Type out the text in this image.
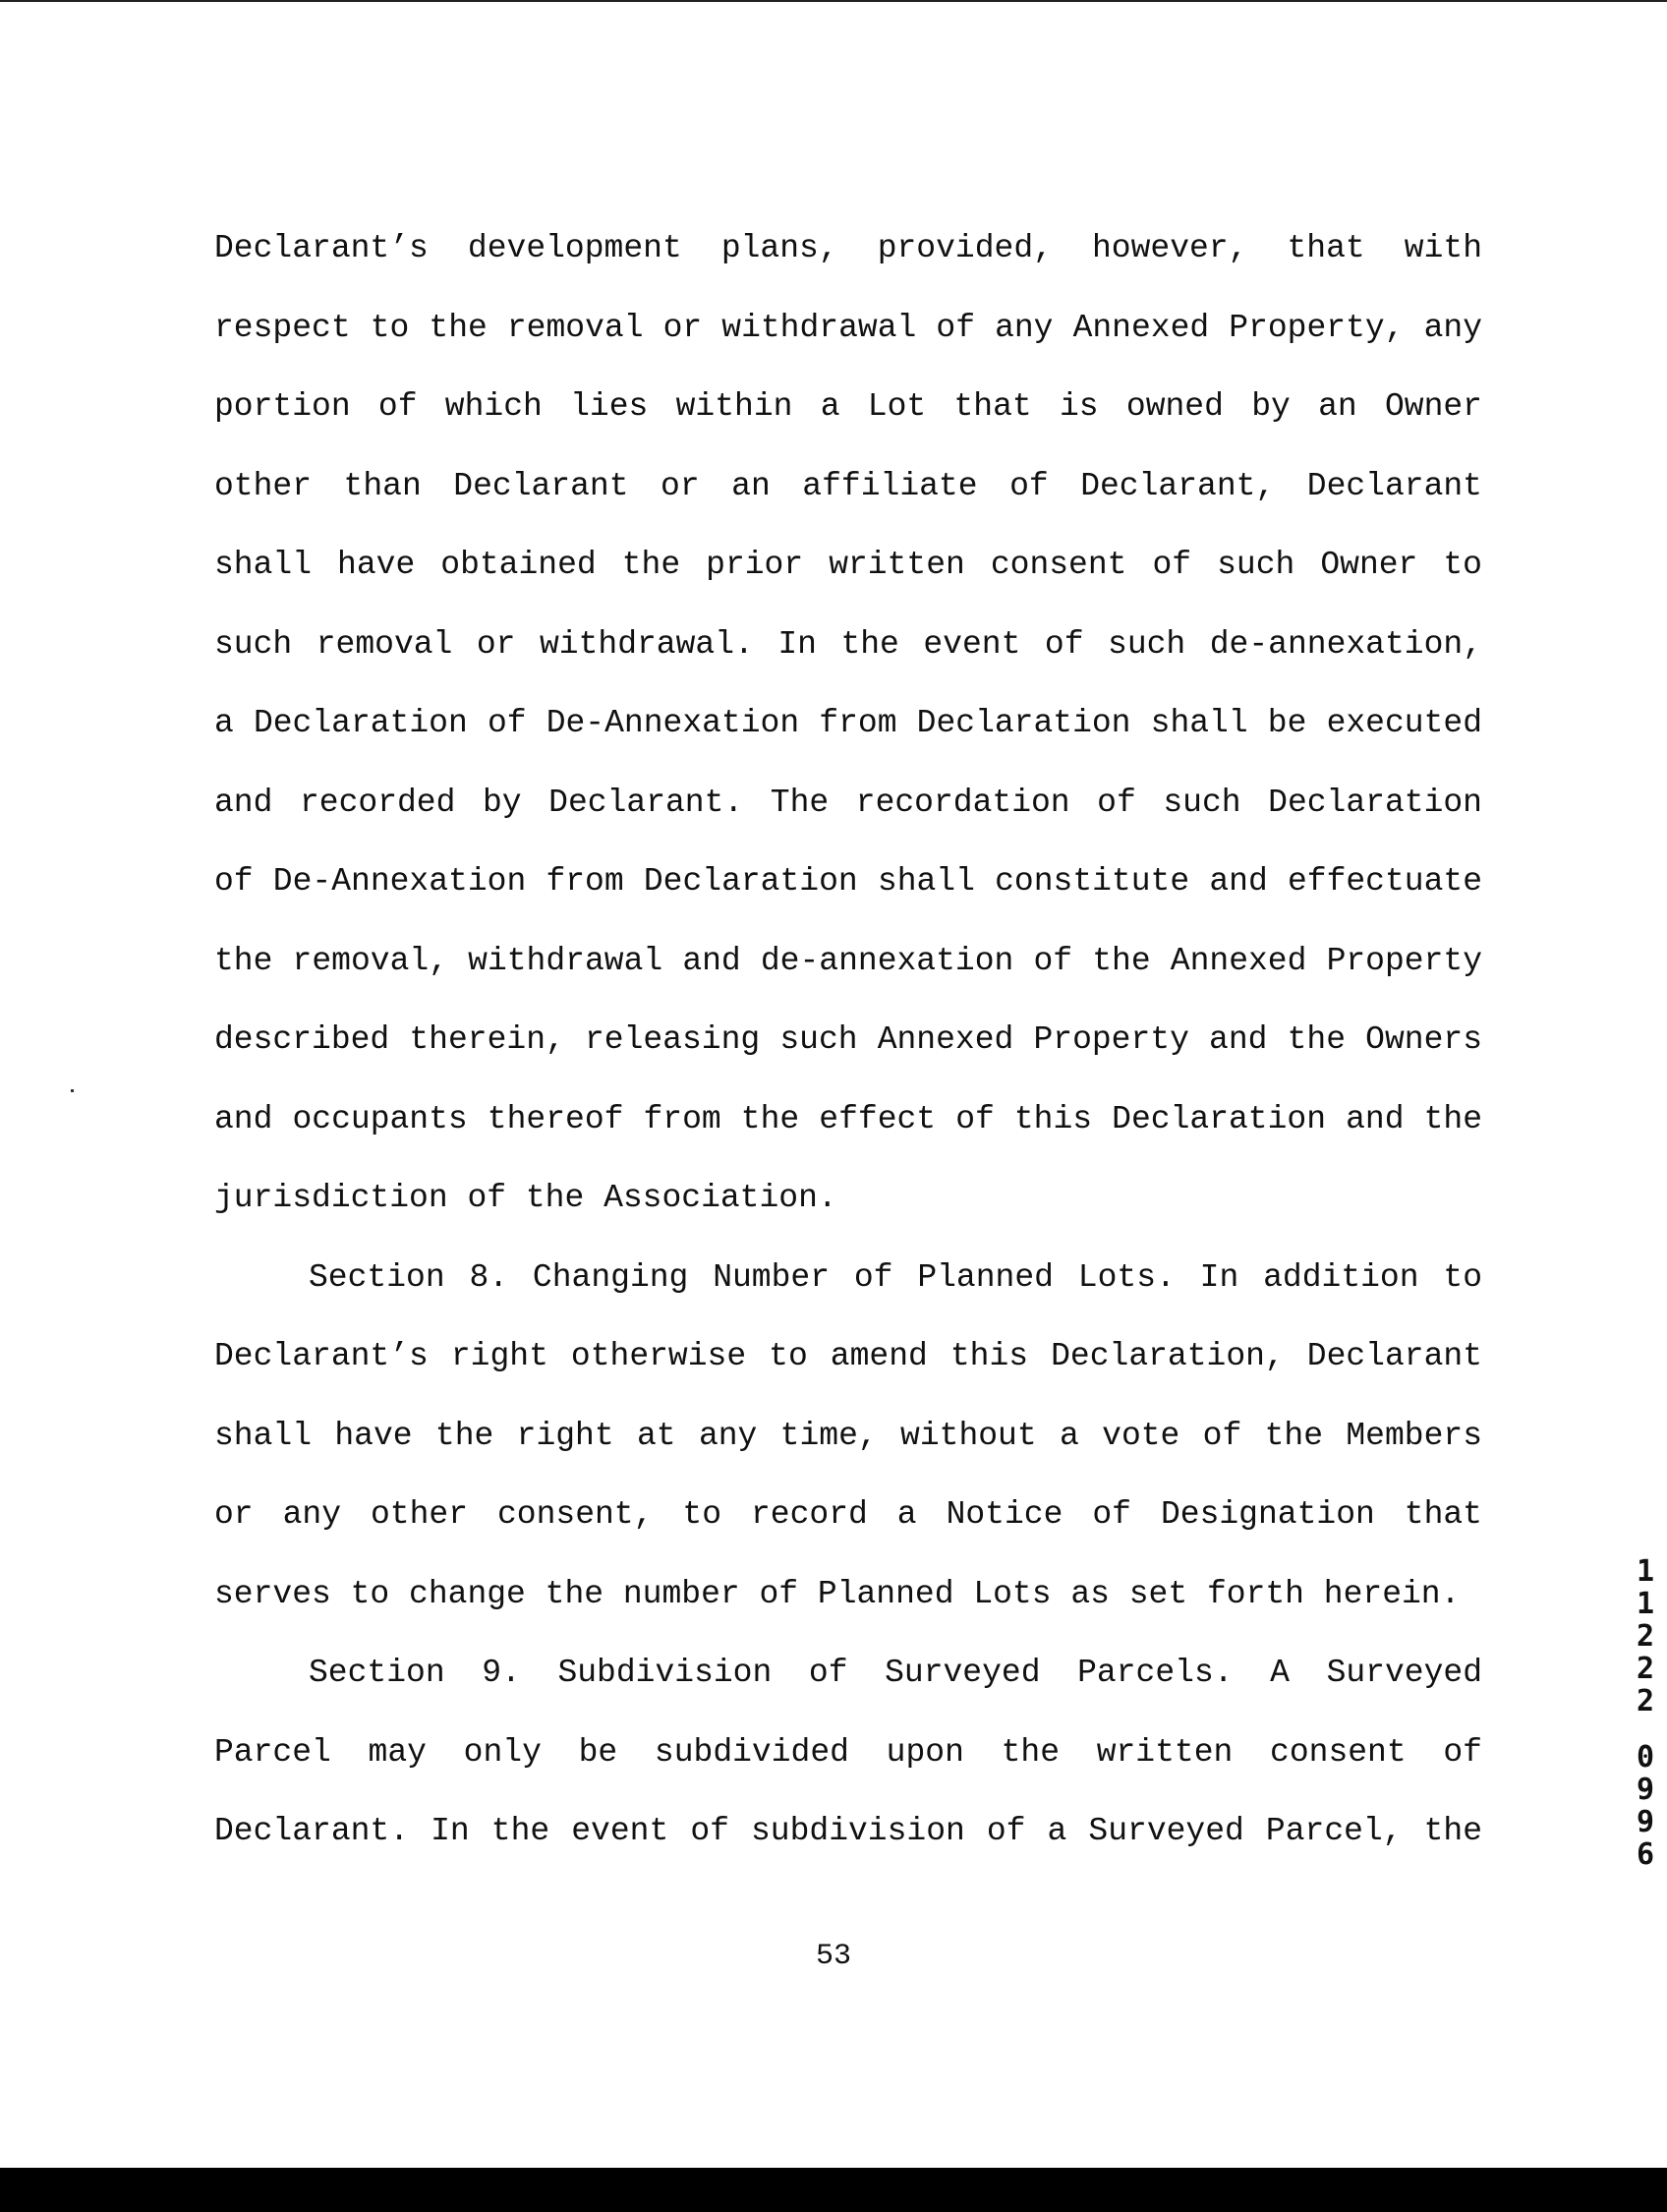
Declarant’s development plans, provided, however, that with
respect to the removal or withdrawal of any Annexed Property, any
portion of which lies within a Lot that is owned by an Owner
other than Declarant or an affiliate of Declarant, Declarant
shall have obtained the prior written consent of such Owner to
such removal or withdrawal. In the event of such de-annexation,
a Declaration of De-Annexation from Declaration shall be executed
and recorded by Declarant. The recordation of such Declaration
of De-Annexation from Declaration shall constitute and effectuate
the removal, withdrawal and de-annexation of the Annexed Property
described therein, releasing such Annexed Property and the Owners
and occupants thereof from the effect of this Declaration and the
jurisdiction of the Association.
Section 8. Changing Number of Planned Lots. In addition to
Declarant’s right otherwise to amend this Declaration, Declarant
shall have the right at any time, without a vote of the Members
or any other consent, to record a Notice of Designation that
serves to change the number of Planned Lots as set forth herein.
Section 9. Subdivision of Surveyed Parcels. A Surveyed
Parcel may only be subdivided upon the written consent of
Declarant. In the event of subdivision of a Surveyed Parcel, the
1
1
2
2
2
0
9
9
6
53
